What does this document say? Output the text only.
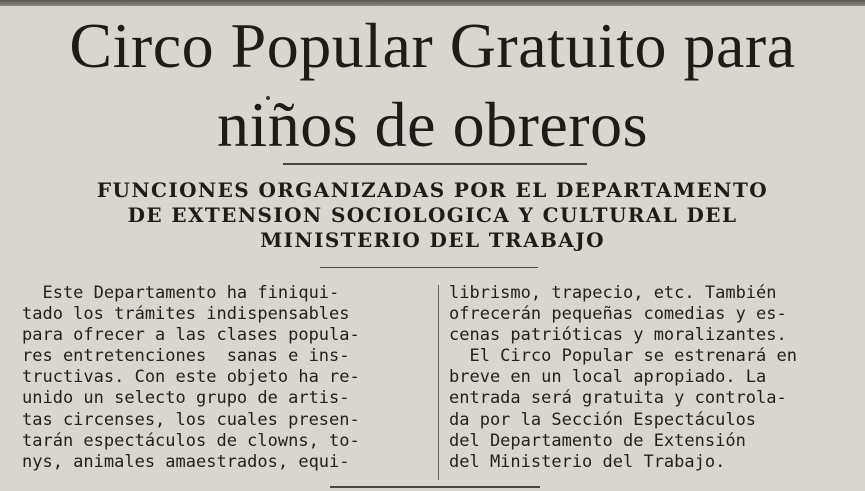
Circo Popular Gratuito para
niños de obreros
FUNCIONES ORGANIZADAS POR EL DEPARTAMENTO
DE EXTENSION SOCIOLOGICA Y CULTURAL DEL
MINISTERIO DEL TRABAJO
Este Departamento ha finiqui-
tado los trámites indispensables
para ofrecer a las clases popula-
res entretenciones  sanas e ins-
tructivas. Con este objeto ha re-
unido un selecto grupo de artis-
tas circenses, los cuales presen-
tarán espectáculos de clowns, to-
nys, animales amaestrados, equi-
librismo, trapecio, etc. También
ofrecerán pequeñas comedias y es-
cenas patrióticas y moralizantes.
El Circo Popular se estrenará en
breve en un local apropiado. La
entrada será gratuita y controla-
da por la Sección Espectáculos
del Departamento de Extensión
del Ministerio del Trabajo.
